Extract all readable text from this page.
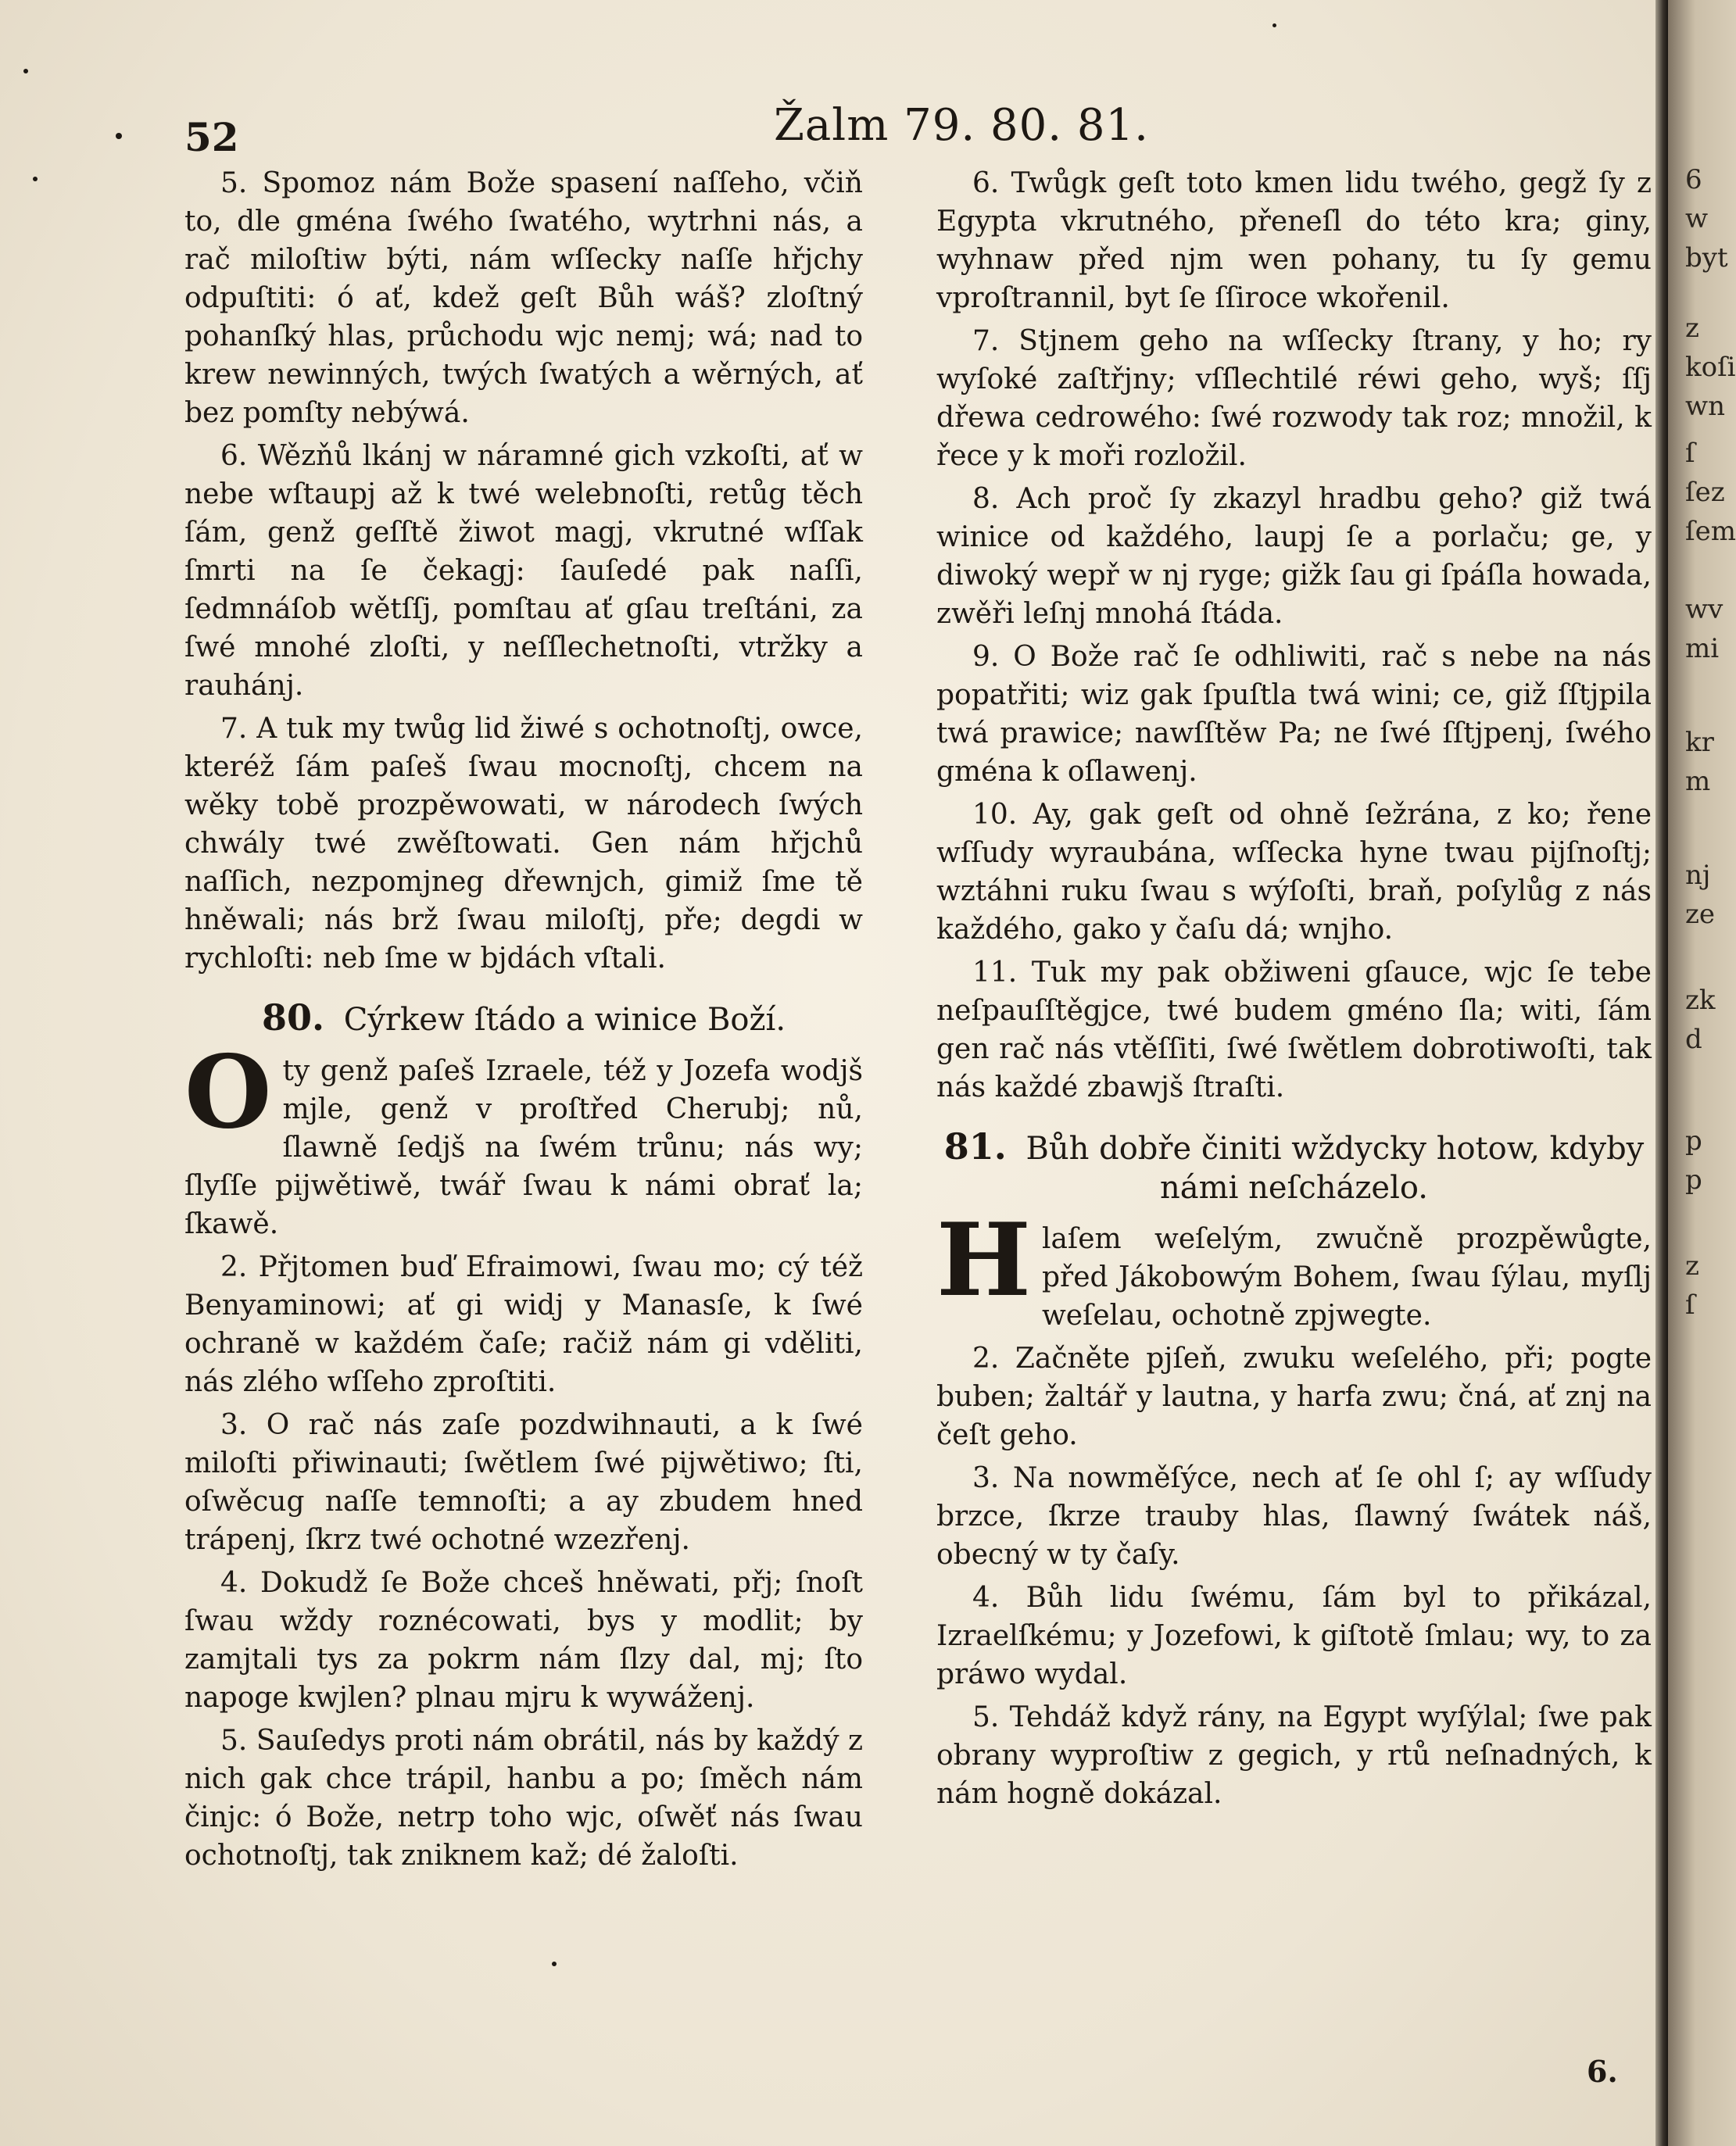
52	Žalm 79. 80. 81.

5. Spomoz nám Bože spasení naſſeho, včiň to, dle gména ſwého ſwatého, wytrhni nás, a rač miloſtiw býti, nám wſſecky naſſe hřjchy odpuſtiti: ó ať, kdež geſt Bůh wáš? zloſtný pohanſký hlas, průchodu wjc nemj; wá; nad to krew newinných, twých ſwatých a wěrných, ať bez pomſty nebýwá.

6. Wězňů lkánj w náramné gich vzkoſti, ať w nebe wſtaupj až k twé welebnoſti, retůg těch ſám, genž geſſtě žiwot magj, vkrutné wſſak ſmrti na ſe čekagj: ſauſedé pak naſſi, ſedmnáſob wětſſj, pomſtau ať gſau treſtáni, za ſwé mnohé zloſti, y neſſlechetnoſti, vtržky a rauhánj.

7. A tuk my twůg lid žiwé s ochotnoſtj, owce, kteréž ſám paſeš ſwau mocnoſtj, chcem na wěky tobě prozpěwowati, w národech ſwých chwály twé zwěſtowati. Gen nám hřjchů naſſich, nezpomjneg dřewnjch, gimiž ſme tě hněwali; nás brž ſwau miloſtj, pře; degdi w rychloſti: neb ſme w bjdách vſtali.

80. Cýrkew ſtádo a winice Boží.

O ty genž paſeš Izraele, též y Jozefa wodjš mjle, genž v proſtřed Cherubj; nů, ſlawně ſedjš na ſwém trůnu; nás wy; ſlyſſe pijwětiwě, twář ſwau k námi obrať la; ſkawě.

2. Přjtomen buď Efraimowi, ſwau mo; cý též Benyaminowi; ať gi widj y Manasſe, k ſwé ochraně w každém čaſe; račiž nám gi vděliti, nás zlého wſſeho zproſtiti.

3. O rač nás zaſe pozdwihnauti, a k ſwé miloſti přiwinauti; ſwětlem ſwé pijwětiwo; ſti, oſwěcug naſſe temnoſti; a ay zbudem hned trápenj, ſkrz twé ochotné wzezřenj.

4. Dokudž ſe Bože chceš hněwati, přj; ſnoſt ſwau wždy roznécowati, bys y modlit; by zamjtali tys za pokrm nám ſlzy dal, mj; ſto napoge kwjlen? plnau mjru k wywáženj.

5. Sauſedys proti nám obrátil, nás by každý z nich gak chce trápil, hanbu a po; ſměch nám činjc: ó Bože, netrp toho wjc, oſwěť nás ſwau ochotnoſtj, tak zniknem kaž; dé žaloſti.

6. Twůgk geſt toto kmen lidu twého, gegž ſy z Egypta vkrutného, přeneſl do této kra; giny, wyhnaw před njm wen pohany, tu ſy gemu vproſtrannil, byt ſe ſſiroce wkořenil.

7. Stjnem geho na wſſecky ſtrany, y ho; ry wyſoké zaſtřjny; vſſlechtilé réwi geho, wyš; ſſj dřewa cedrowého: ſwé rozwody tak roz; množil, k řece y k moři rozložil.

8. Ach proč ſy zkazyl hradbu geho? giž twá winice od každého, laupj ſe a porlaču; ge, y diwoký wepř w nj ryge; gižk ſau gi ſpáſla howada, zwěři leſnj mnohá ſtáda.

9. O Bože rač ſe odhliwiti, rač s nebe na nás popatřiti; wiz gak ſpuſtla twá wini; ce, giž ſſtjpila twá prawice; nawſſtěw Pa; ne ſwé ſſtjpenj, ſwého gména k oſlawenj.

10. Ay, gak geſt od ohně ſežrána, z ko; řene wſſudy wyraubána, wſſecka hyne twau pijſnoſtj; wztáhni ruku ſwau s wýſoſti, braň, poſylůg z nás každého, gako y čaſu dá; wnjho.

11. Tuk my pak obžiweni gſauce, wjc ſe tebe neſpauſſtěgjce, twé budem gméno ſla; witi, ſám gen rač nás vtěſſiti, ſwé ſwětlem dobrotiwoſti, tak nás každé zbawjš ſtraſti.

81. Bůh dobře činiti wždycky hotow, kdyby námi neſcházelo.

H laſem weſelým, zwučně prozpěwůgte, před Jákobowým Bohem, ſwau ſýlau, myſlj weſelau, ochotně zpjwegte.

2. Začněte pjſeň, zwuku weſelého, při; pogte buben; žaltář y lautna, y harfa zwu; čná, ať znj na čeſt geho.

3. Na nowměſýce, nech ať ſe ohl ſ; ay wſſudy brzce, ſkrze trauby hlas, ſlawný ſwátek náš, obecný w ty čaſy.

4. Bůh lidu ſwému, ſám byl to přikázal, Izraelſkému; y Jozefowi, k giſtotě ſmlau; wy, to za práwo wydal.

5. Tehdáž když rány, na Egypt wyſýlal; ſwe pak obrany wyproſtiw z gegich, y rtů neſnadných, k nám hogně dokázal.

6.
6
w
byt
z
koſi
wn
ſ
ſez
ſem
wv
mi
kr
m
nj
ze
zk
d
p
p
z
ſ
